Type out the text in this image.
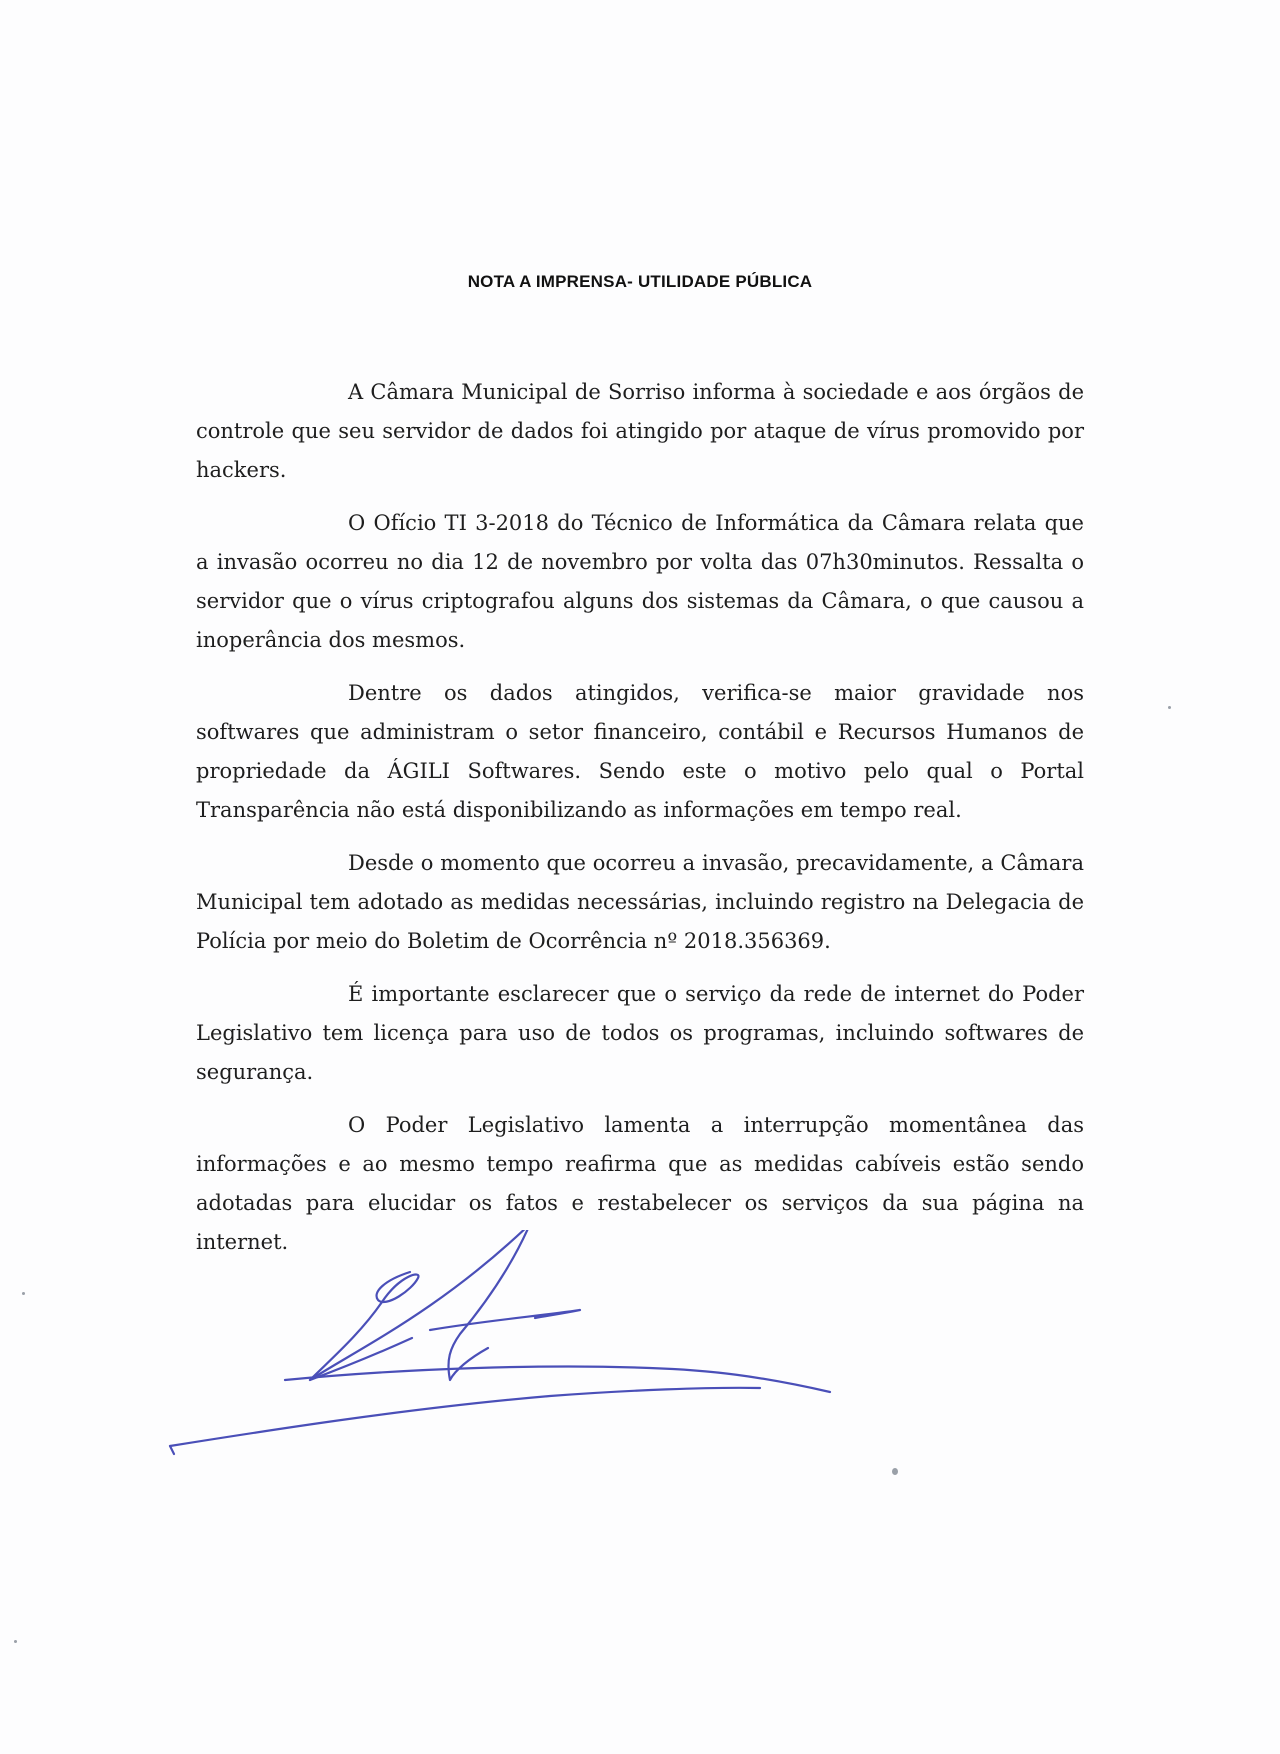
NOTA A IMPRENSA- UTILIDADE PÚBLICA

A Câmara Municipal de Sorriso informa à sociedade e aos órgãos de controle que seu servidor de dados foi atingido por ataque de vírus promovido por hackers.

O Ofício TI 3-2018 do Técnico de Informática da Câmara relata que a invasão ocorreu no dia 12 de novembro por volta das 07h30minutos. Ressalta o servidor que o vírus criptografou alguns dos sistemas da Câmara, o que causou a inoperância dos mesmos.

Dentre os dados atingidos, verifica-se maior gravidade nos softwares que administram o setor financeiro, contábil e Recursos Humanos de propriedade da ÁGILI Softwares. Sendo este o motivo pelo qual o Portal Transparência não está disponibilizando as informações em tempo real.

Desde o momento que ocorreu a invasão, precavidamente, a Câmara Municipal tem adotado as medidas necessárias, incluindo registro na Delegacia de Polícia por meio do Boletim de Ocorrência nº 2018.356369.

É importante esclarecer que o serviço da rede de internet do Poder Legislativo tem licença para uso de todos os programas, incluindo softwares de segurança.

O Poder Legislativo lamenta a interrupção momentânea das informações e ao mesmo tempo reafirma que as medidas cabíveis estão sendo adotadas para elucidar os fatos e restabelecer os serviços da sua página na internet.
